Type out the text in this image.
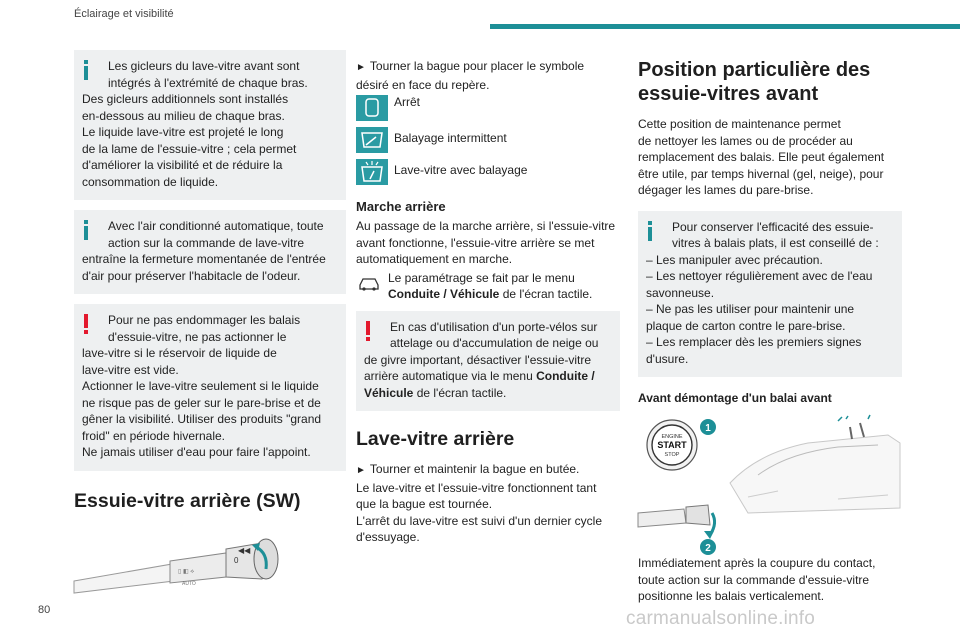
Éclairage et visibilité

Les gicleurs du lave-vitre avant sont

intégrés à l'extrémité de chaque bras.

Des gicleurs additionnels sont installés

en-dessous au milieu de chaque bras.

Le liquide lave-vitre est projeté le long

de la lame de l'essuie-vitre ; cela permet

d'améliorer la visibilité et de réduire la

consommation de liquide.

Avec l'air conditionné automatique, toute

action sur la commande de lave-vitre

entraîne la fermeture momentanée de l'entrée

d'air pour préserver l'habitacle de l'odeur.

Pour ne pas endommager les balais

d'essuie-vitre, ne pas actionner le

lave-vitre si le réservoir de liquide de

lave-vitre est vide.

Actionner le lave-vitre seulement si le liquide

ne risque pas de geler sur le pare-brise et de

gêner la visibilité. Utiliser des produits "grand

froid" en période hivernale.

Ne jamais utiliser d'eau pour faire l'appoint.

Essuie-vitre arrière (SW)
▯ ◧ ⟡
0
AUTO
◀◀

► Tourner la bague pour placer le symbole

désiré en face du repère.

Arrêt
Balayage intermittent
Lave-vitre avec balayage
Marche arrière

Au passage de la marche arrière, si l'essuie-vitre

avant fonctionne, l'essuie-vitre arrière se met

automatiquement en marche.

Le paramétrage se fait par le menu

Conduite / Véhicule de l'écran tactile.

En cas d'utilisation d'un porte-vélos sur

attelage ou d'accumulation de neige ou

de givre important, désactiver l'essuie-vitre

arrière automatique via le menu Conduite /

Véhicule de l'écran tactile.

Lave-vitre arrière

► Tourner et maintenir la bague en butée.

Le lave-vitre et l'essuie-vitre fonctionnent tant

que la bague est tournée.

L'arrêt du lave-vitre est suivi d'un dernier cycle

d'essuyage.

Position particulière des
essuie-vitres avant

Cette position de maintenance permet

de nettoyer les lames ou de procéder au

remplacement des balais. Elle peut également

être utile, par temps hivernal (gel, neige), pour

dégager les lames du pare-brise.

Pour conserver l'efficacité des essuie-

vitres à balais plats, il est conseillé de :

– Les manipuler avec précaution.

– Les nettoyer régulièrement avec de l'eau

savonneuse.

– Ne pas les utiliser pour maintenir une

plaque de carton contre le pare-brise.

– Les remplacer dès les premiers signes

d'usure.

Avant démontage d'un balai avant
ENGINE
START
STOP
1
2

Immédiatement après la coupure du contact,

toute action sur la commande d'essuie-vitre

positionne les balais verticalement.

80	carmanualsonline.info
